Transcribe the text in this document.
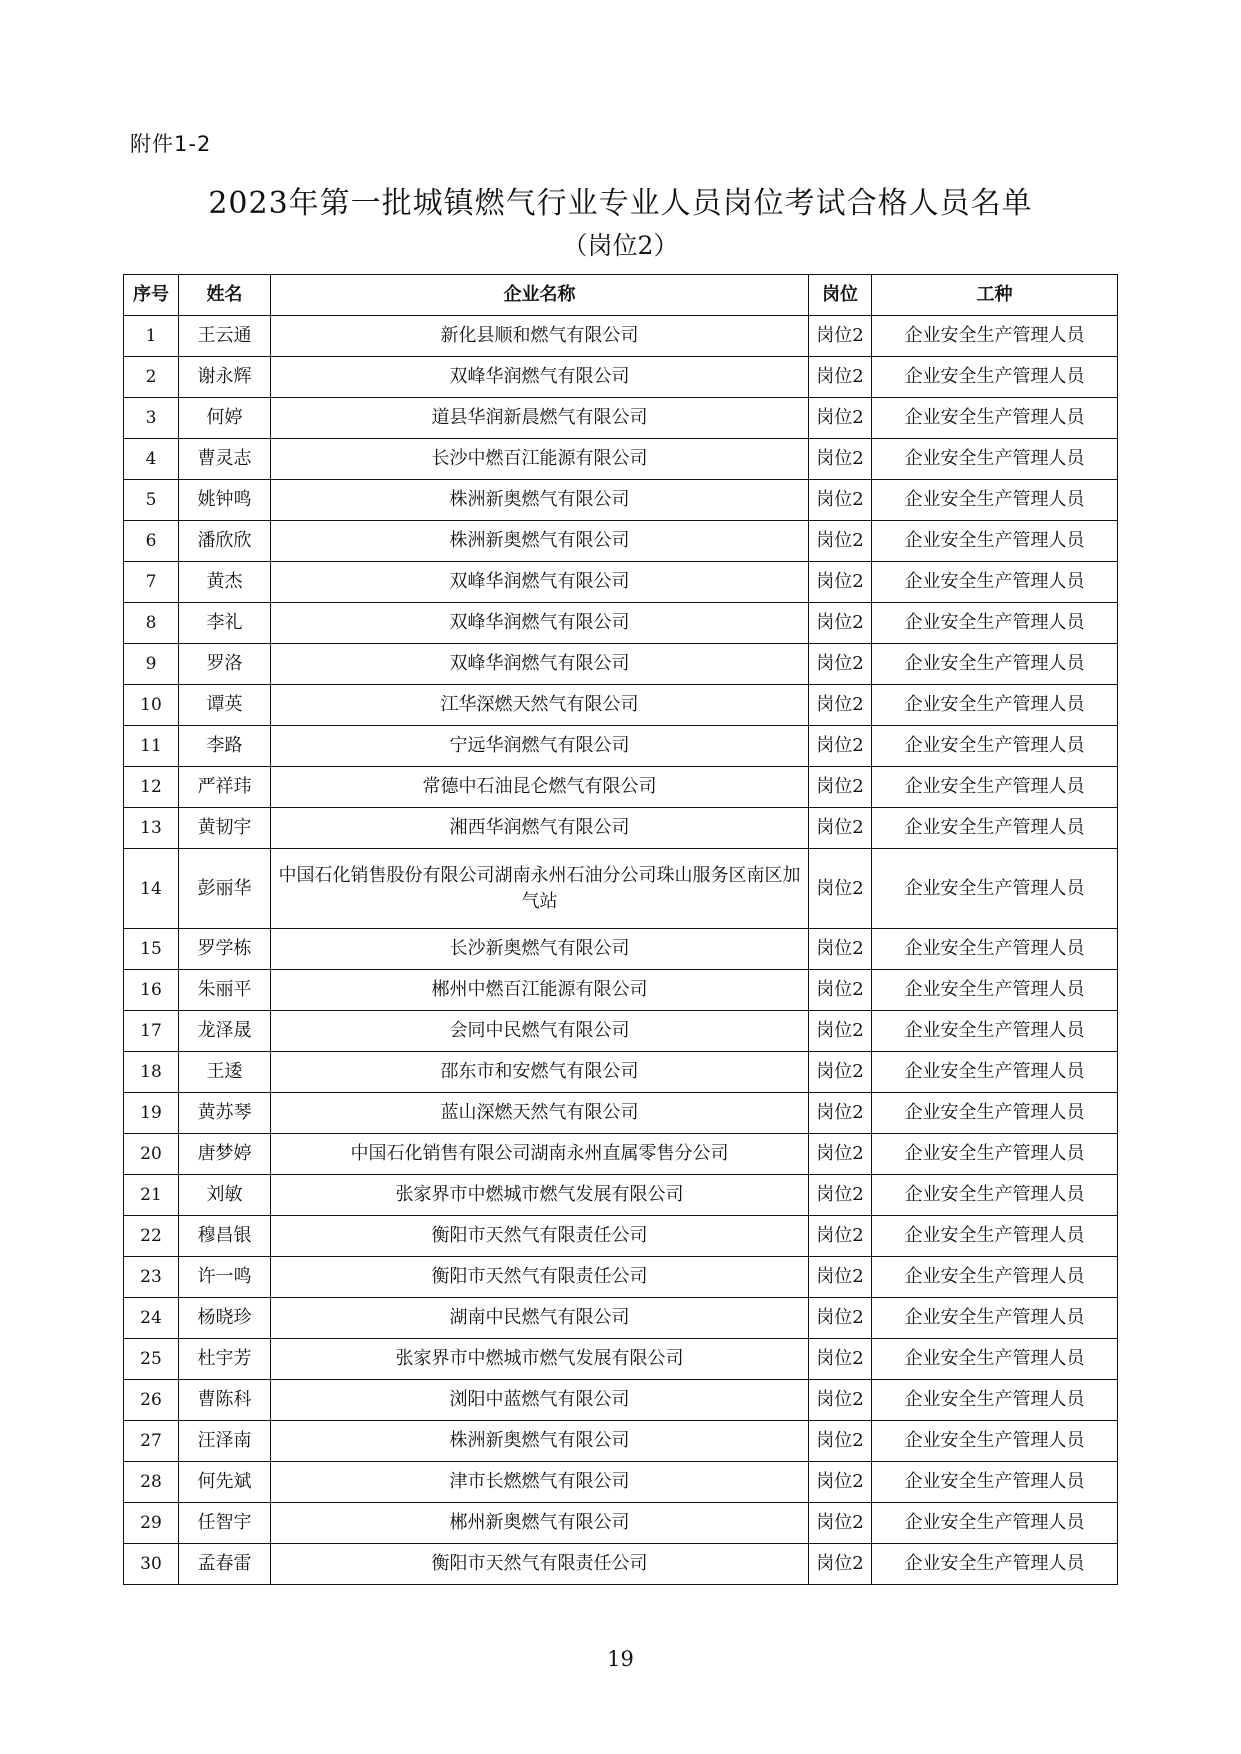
附件1-2
2023年第一批城镇燃气行业专业人员岗位考试合格人员名单
（岗位2）
序号	姓名	企业名称	岗位	工种
1	王云通	新化县顺和燃气有限公司	岗位2	企业安全生产管理人员
2	谢永辉	双峰华润燃气有限公司	岗位2	企业安全生产管理人员
3	何婷	道县华润新晨燃气有限公司	岗位2	企业安全生产管理人员
4	曹灵志	长沙中燃百江能源有限公司	岗位2	企业安全生产管理人员
5	姚钟鸣	株洲新奥燃气有限公司	岗位2	企业安全生产管理人员
6	潘欣欣	株洲新奥燃气有限公司	岗位2	企业安全生产管理人员
7	黄杰	双峰华润燃气有限公司	岗位2	企业安全生产管理人员
8	李礼	双峰华润燃气有限公司	岗位2	企业安全生产管理人员
9	罗洛	双峰华润燃气有限公司	岗位2	企业安全生产管理人员
10	谭英	江华深燃天然气有限公司	岗位2	企业安全生产管理人员
11	李路	宁远华润燃气有限公司	岗位2	企业安全生产管理人员
12	严祥玮	常德中石油昆仑燃气有限公司	岗位2	企业安全生产管理人员
13	黄韧宇	湘西华润燃气有限公司	岗位2	企业安全生产管理人员
14	彭丽华	中国石化销售股份有限公司湖南永州石油分公司珠山服务区南区加气站	岗位2	企业安全生产管理人员
15	罗学栋	长沙新奥燃气有限公司	岗位2	企业安全生产管理人员
16	朱丽平	郴州中燃百江能源有限公司	岗位2	企业安全生产管理人员
17	龙泽晟	会同中民燃气有限公司	岗位2	企业安全生产管理人员
18	王逶	邵东市和安燃气有限公司	岗位2	企业安全生产管理人员
19	黄苏琴	蓝山深燃天然气有限公司	岗位2	企业安全生产管理人员
20	唐梦婷	中国石化销售有限公司湖南永州直属零售分公司	岗位2	企业安全生产管理人员
21	刘敏	张家界市中燃城市燃气发展有限公司	岗位2	企业安全生产管理人员
22	穆昌银	衡阳市天然气有限责任公司	岗位2	企业安全生产管理人员
23	许一鸣	衡阳市天然气有限责任公司	岗位2	企业安全生产管理人员
24	杨晓珍	湖南中民燃气有限公司	岗位2	企业安全生产管理人员
25	杜宇芳	张家界市中燃城市燃气发展有限公司	岗位2	企业安全生产管理人员
26	曹陈科	浏阳中蓝燃气有限公司	岗位2	企业安全生产管理人员
27	汪泽南	株洲新奥燃气有限公司	岗位2	企业安全生产管理人员
28	何先斌	津市长燃燃气有限公司	岗位2	企业安全生产管理人员
29	任智宇	郴州新奥燃气有限公司	岗位2	企业安全生产管理人员
30	孟春雷	衡阳市天然气有限责任公司	岗位2	企业安全生产管理人员
19
